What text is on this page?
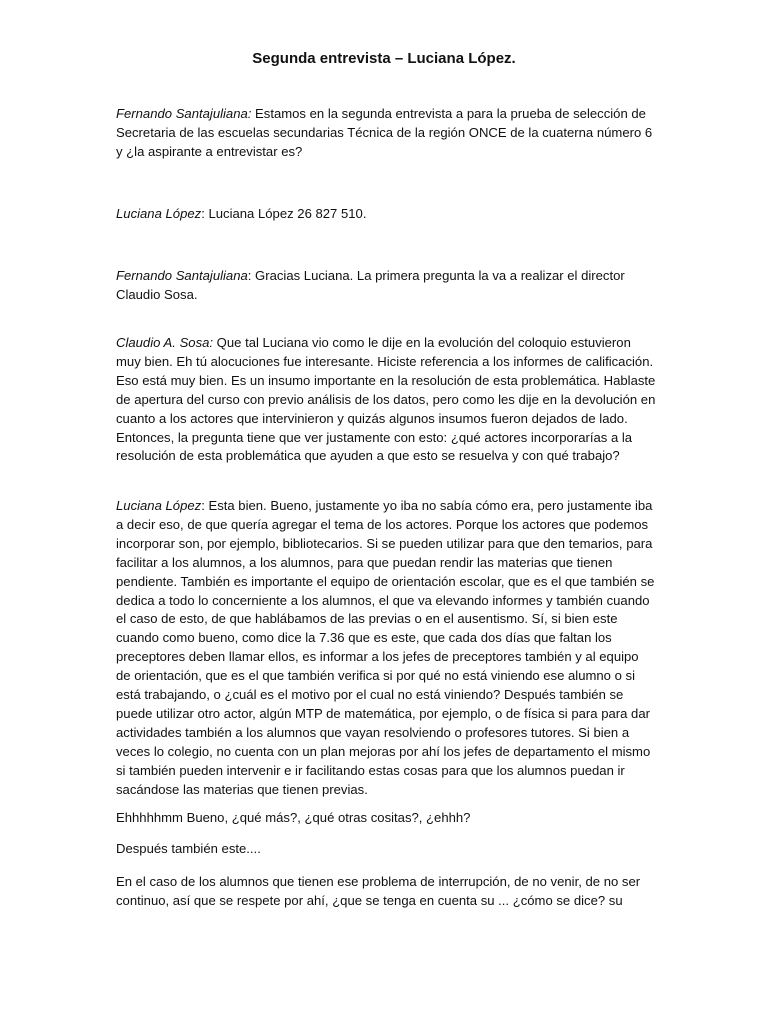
Segunda entrevista – Luciana López.

Fernando Santajuliana: Estamos en la segunda entrevista a para la prueba de selección de Secretaria de las escuelas secundarias Técnica de la región ONCE de la cuaterna número 6 y ¿la aspirante a entrevistar es?

Luciana López: Luciana López 26 827 510.

Fernando Santajuliana: Gracias Luciana. La primera pregunta la va a realizar el director Claudio Sosa.

Claudio A. Sosa: Que tal Luciana vio como le dije en la evolución del coloquio estuvieron muy bien. Eh tú alocuciones fue interesante. Hiciste referencia a los informes de calificación. Eso está muy bien. Es un insumo importante en la resolución de esta problemática. Hablaste de apertura del curso con previo análisis de los datos, pero como les dije en la devolución en cuanto a los actores que intervinieron y quizás algunos insumos fueron dejados de lado. Entonces, la pregunta tiene que ver justamente con esto: ¿qué actores incorporarías a la resolución de esta problemática que ayuden a que esto se resuelva y con qué trabajo?

Luciana López: Esta bien. Bueno, justamente yo iba no sabía cómo era, pero justamente iba a decir eso, de que quería agregar el tema de los actores. Porque los actores que podemos incorporar son, por ejemplo, bibliotecarios. Si se pueden utilizar para que den temarios, para facilitar a los alumnos, a los alumnos, para que puedan rendir las materias que tienen pendiente. También es importante el equipo de orientación escolar, que es el que también se dedica a todo lo concerniente a los alumnos, el que va elevando informes y también cuando el caso de esto, de que hablábamos de las previas o en el ausentismo. Sí, si bien este cuando como bueno, como dice la 7.36 que es este, que cada dos días que faltan los preceptores deben llamar ellos, es informar a los jefes de preceptores también y al equipo de orientación, que es el que también verifica si por qué no está viniendo ese alumno o si está trabajando, o ¿cuál es el motivo por el cual no está viniendo? Después también se puede utilizar otro actor, algún MTP de matemática, por ejemplo, o de física si para para dar actividades también a los alumnos que vayan resolviendo o profesores tutores. Si bien a veces lo colegio, no cuenta con un plan mejoras por ahí los jefes de departamento el mismo si también pueden intervenir e ir facilitando estas cosas para que los alumnos puedan ir sacándose las materias que tienen previas.

Ehhhhhmm Bueno, ¿qué más?, ¿qué otras cositas?, ¿ehhh?

Después también este....

En el caso de los alumnos que tienen ese problema de interrupción, de no venir, de no ser continuo, así que se respete por ahí, ¿que se tenga en cuenta su ... ¿cómo se dice? su
